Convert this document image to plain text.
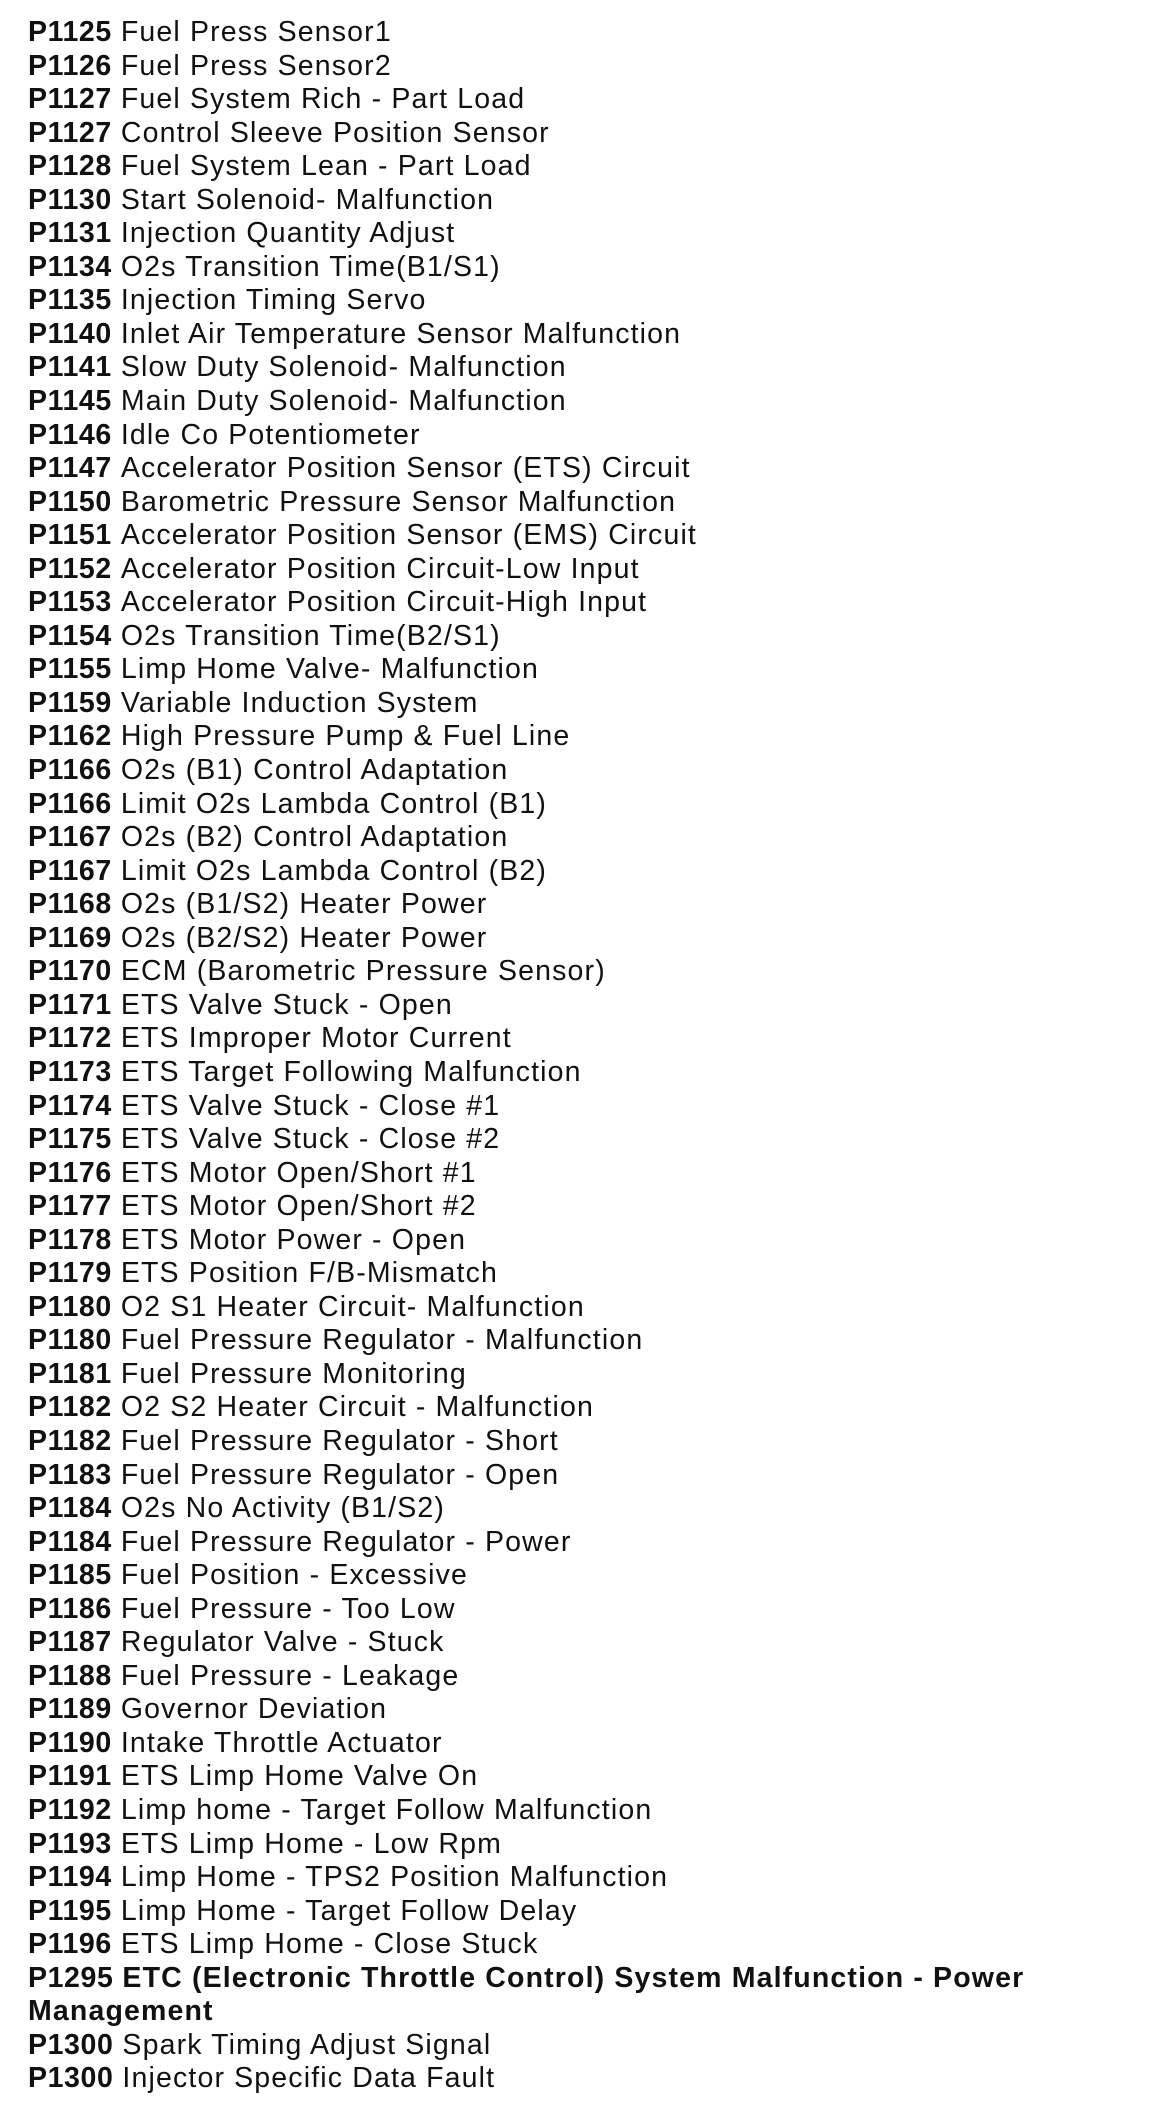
P1125 Fuel Press Sensor1
P1126 Fuel Press Sensor2
P1127 Fuel System Rich - Part Load
P1127 Control Sleeve Position Sensor
P1128 Fuel System Lean - Part Load
P1130 Start Solenoid- Malfunction
P1131 Injection Quantity Adjust
P1134 O2s Transition Time(B1/S1)
P1135 Injection Timing Servo
P1140 Inlet Air Temperature Sensor Malfunction
P1141 Slow Duty Solenoid- Malfunction
P1145 Main Duty Solenoid- Malfunction
P1146 Idle Co Potentiometer
P1147 Accelerator Position Sensor (ETS) Circuit
P1150 Barometric Pressure Sensor Malfunction
P1151 Accelerator Position Sensor (EMS) Circuit
P1152 Accelerator Position Circuit-Low Input
P1153 Accelerator Position Circuit-High Input
P1154 O2s Transition Time(B2/S1)
P1155 Limp Home Valve- Malfunction
P1159 Variable Induction System
P1162 High Pressure Pump & Fuel Line
P1166 O2s (B1) Control Adaptation
P1166 Limit O2s Lambda Control (B1)
P1167 O2s (B2) Control Adaptation
P1167 Limit O2s Lambda Control (B2)
P1168 O2s (B1/S2) Heater Power
P1169 O2s (B2/S2) Heater Power
P1170 ECM (Barometric Pressure Sensor)
P1171 ETS Valve Stuck - Open
P1172 ETS Improper Motor Current
P1173 ETS Target Following Malfunction
P1174 ETS Valve Stuck - Close #1
P1175 ETS Valve Stuck - Close #2
P1176 ETS Motor Open/Short #1
P1177 ETS Motor Open/Short #2
P1178 ETS Motor Power - Open
P1179 ETS Position F/B-Mismatch
P1180 O2 S1 Heater Circuit- Malfunction
P1180 Fuel Pressure Regulator - Malfunction
P1181 Fuel Pressure Monitoring
P1182 O2 S2 Heater Circuit - Malfunction
P1182 Fuel Pressure Regulator - Short
P1183 Fuel Pressure Regulator - Open
P1184 O2s No Activity (B1/S2)
P1184 Fuel Pressure Regulator - Power
P1185 Fuel Position - Excessive
P1186 Fuel Pressure - Too Low
P1187 Regulator Valve - Stuck
P1188 Fuel Pressure - Leakage
P1189 Governor Deviation
P1190 Intake Throttle Actuator
P1191 ETS Limp Home Valve On
P1192 Limp home - Target Follow Malfunction
P1193 ETS Limp Home - Low Rpm
P1194 Limp Home - TPS2 Position Malfunction
P1195 Limp Home - Target Follow Delay
P1196 ETS Limp Home - Close Stuck
P1295 ETC (Electronic Throttle Control) System Malfunction - Power Management
P1300 Spark Timing Adjust Signal
P1300 Injector Specific Data Fault
